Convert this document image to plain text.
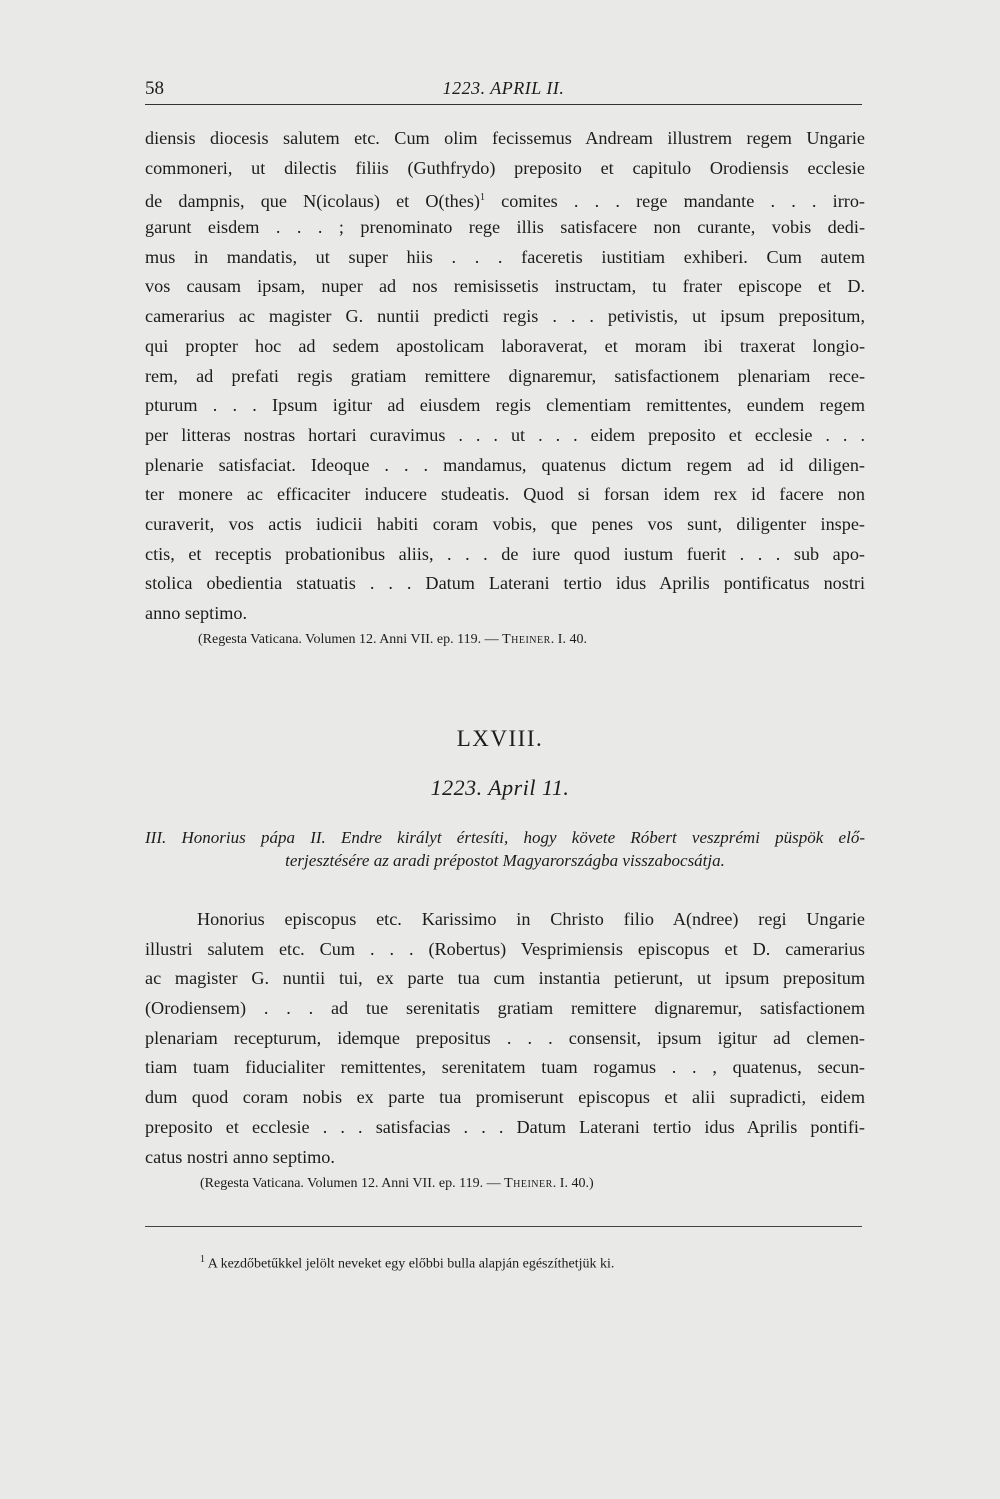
58	1223. APRIL II.
diensis diocesis salutem etc. Cum olim fecissemus Andream illustrem regem Ungarie
commoneri, ut dilectis filiis (Guthfrydo) preposito et capitulo Orodiensis ecclesie
de dampnis, que N(icolaus) et O(thes)$^1$ comites . . . rege mandante . . . irro-
garunt eisdem . . . ; prenominato rege illis satisfacere non curante, vobis dedi-
mus in mandatis, ut super hiis . . . faceretis iustitiam exhiberi. Cum autem
vos causam ipsam, nuper ad nos remisissetis instructam, tu frater episcope et D.
camerarius ac magister G. nuntii predicti regis . . . petivistis, ut ipsum prepositum,
qui propter hoc ad sedem apostolicam laboraverat, et moram ibi traxerat longio-
rem, ad prefati regis gratiam remittere dignaremur, satisfactionem plenariam rece-
pturum . . . Ipsum igitur ad eiusdem regis clementiam remittentes, eundem regem
per litteras nostras hortari curavimus . . . ut . . . eidem preposito et ecclesie . . .
plenarie satisfaciat. Ideoque . . . mandamus, quatenus dictum regem ad id diligen-
ter monere ac efficaciter inducere studeatis. Quod si forsan idem rex id facere non
curaverit, vos actis iudicii habiti coram vobis, que penes vos sunt, diligenter inspe-
ctis, et receptis probationibus aliis, . . . de iure quod iustum fuerit . . . sub apo-
stolica obedientia statuatis . . . Datum Laterani tertio idus Aprilis pontificatus nostri
anno septimo.
(Regesta Vaticana. Volumen 12. Anni VII. ep. 119. — Theiner. I. 40.
LXVIII.
1223. April 11.
III. Honorius pápa II. Endre királyt értesíti, hogy követe Róbert veszprémi püspök elő-
terjesztésére az aradi prépostot Magyarországba visszabocsátja.
Honorius episcopus etc. Karissimo in Christo filio A(ndree) regi Ungarie
illustri salutem etc. Cum . . . (Robertus) Vesprimiensis episcopus et D. camerarius
ac magister G. nuntii tui, ex parte tua cum instantia petierunt, ut ipsum prepositum
(Orodiensem) . . . ad tue serenitatis gratiam remittere dignaremur, satisfactionem
plenariam recepturum, idemque prepositus . . . consensit, ipsum igitur ad clemen-
tiam tuam fiducialiter remittentes, serenitatem tuam rogamus . . , quatenus, secun-
dum quod coram nobis ex parte tua promiserunt episcopus et alii supradicti, eidem
preposito et ecclesie . . . satisfacias . . . Datum Laterani tertio idus Aprilis pontifi-
catus nostri anno septimo.
(Regesta Vaticana. Volumen 12. Anni VII. ep. 119. — Theiner. I. 40.)
$^1$ A kezdőbetűkkel jelölt neveket egy előbbi bulla alapján egészíthetjük ki.
